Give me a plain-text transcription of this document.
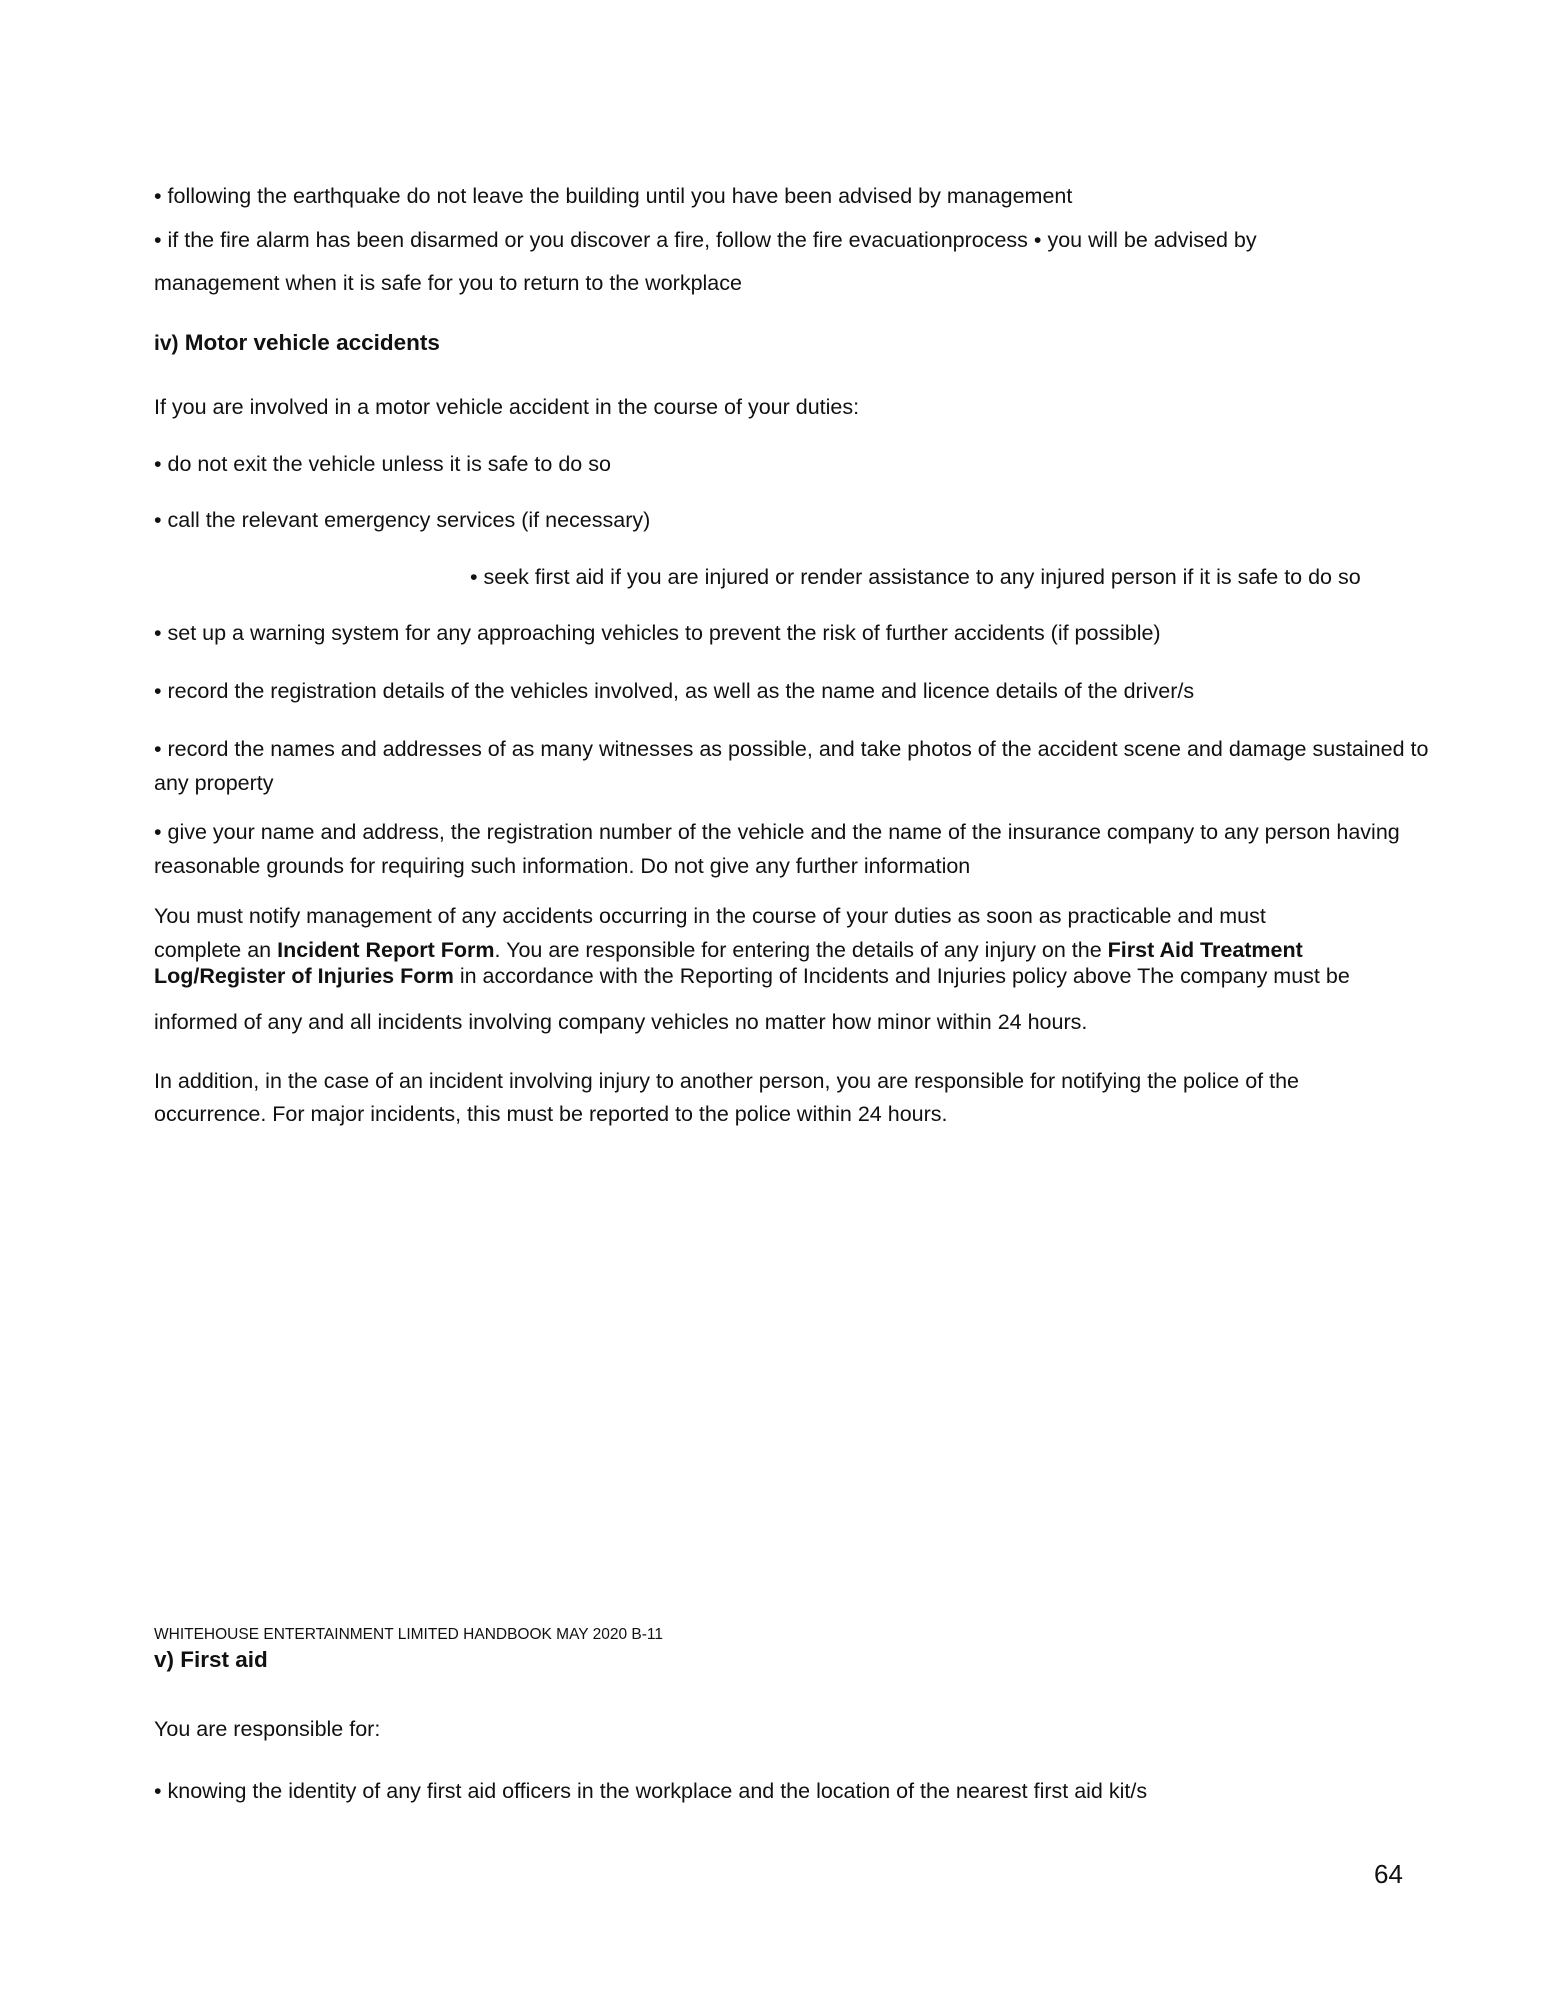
• following the earthquake do not leave the building until you have been advised by management

• if the fire alarm has been disarmed or you discover a fire, follow the fire evacuationprocess • you will be advised by

management when it is safe for you to return to the workplace

iv) Motor vehicle accidents

If you are involved in a motor vehicle accident in the course of your duties:

• do not exit the vehicle unless it is safe to do so

• call the relevant emergency services (if necessary)

• seek first aid if you are injured or render assistance to any injured person if it is safe to do so

• set up a warning system for any approaching vehicles to prevent the risk of further accidents (if possible)

• record the registration details of the vehicles involved, as well as the name and licence details of the driver/s

• record the names and addresses of as many witnesses as possible, and take photos of the accident scene and damage sustained to any property

• give your name and address, the registration number of the vehicle and the name of the insurance company to any person having reasonable grounds for requiring such information. Do not give any further information

You must notify management of any accidents occurring in the course of your duties as soon as practicable and must

complete an Incident Report Form. You are responsible for entering the details of any injury on the First Aid Treatment

Log/Register of Injuries Form in accordance with the Reporting of Incidents and Injuries policy above The company must be

informed of any and all incidents involving company vehicles no matter how minor within 24 hours.

In addition, in the case of an incident involving injury to another person, you are responsible for notifying the police of the

occurrence. For major incidents, this must be reported to the police within 24 hours.

WHITEHOUSE ENTERTAINMENT LIMITED HANDBOOK MAY 2020 B-11

v) First aid

You are responsible for:

• knowing the identity of any first aid officers in the workplace and the location of the nearest first aid kit/s

64
